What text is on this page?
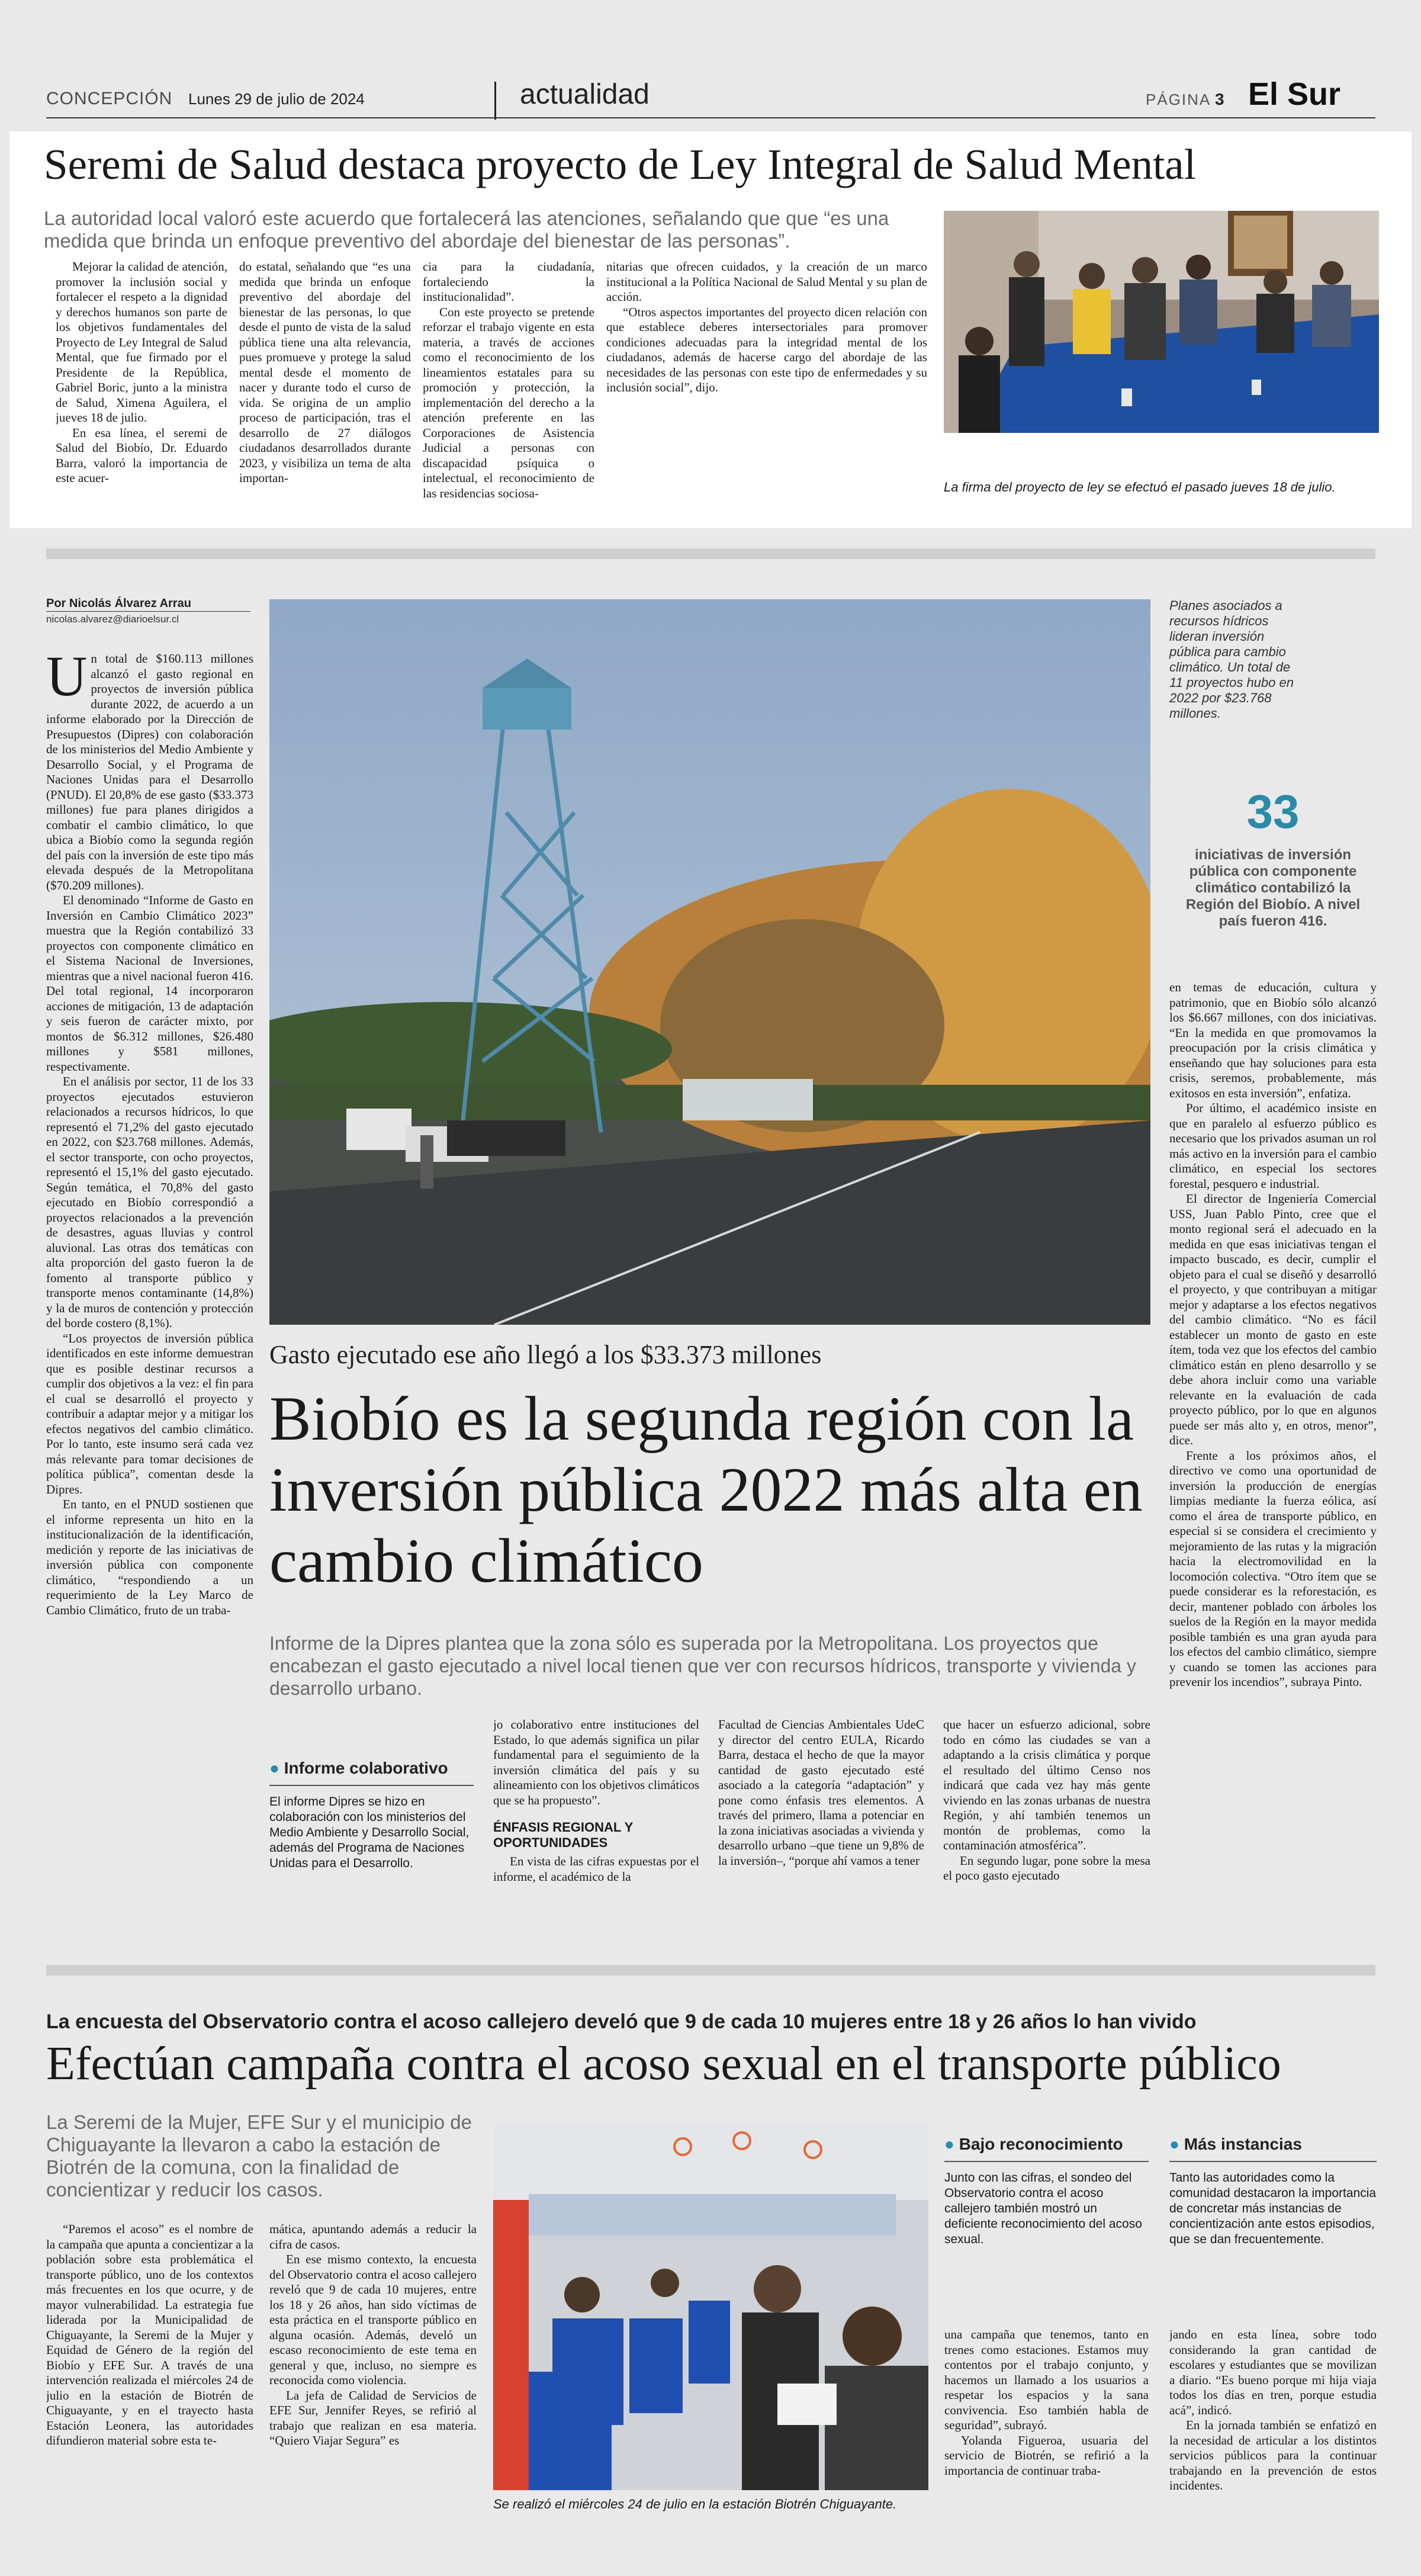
CONCEPCIÓN Lunes 29 de julio de 2024	actualidad	PÁGINA 3 El Sur
Seremi de Salud destaca proyecto de Ley Integral de Salud Mental
La autoridad local valoró este acuerdo que fortalecerá las atenciones, señalando que que “es una medida que brinda un enfoque preventivo del abordaje del bienestar de las personas”.

Mejorar la calidad de atención, promover la inclusión social y fortalecer el respeto a la dignidad y derechos humanos son parte de los objetivos fundamentales del Proyecto de Ley Integral de Salud Mental, que fue firmado por el Presidente de la República, Gabriel Boric, junto a la ministra de Salud, Ximena Aguilera, el jueves 18 de julio.

En esa línea, el seremi de Salud del Biobío, Dr. Eduardo Barra, valoró la importancia de este acuer-

do estatal, señalando que “es una medida que brinda un enfoque preventivo del abordaje del bienestar de las personas, lo que desde el punto de vista de la salud pública tiene una alta relevancia, pues promueve y protege la salud mental desde el momento de nacer y durante todo el curso de vida. Se origina de un amplio proceso de participación, tras el desarrollo de 27 diálogos ciudadanos desarrollados durante 2023, y visibiliza un tema de alta importan-

cia para la ciudadanía, fortaleciendo la institucionalidad”.

Con este proyecto se pretende reforzar el trabajo vigente en esta materia, a través de acciones como el reconocimiento de los lineamientos estatales para su promoción y protección, la implementación del derecho a la atención preferente en las Corporaciones de Asistencia Judicial a personas con discapacidad psíquica o intelectual, el reconocimiento de las residencias sociosa-

nitarias que ofrecen cuidados, y la creación de un marco institucional a la Política Nacional de Salud Mental y su plan de acción.

“Otros aspectos importantes del proyecto dicen relación con que establece deberes intersectoriales para promover condiciones adecuadas para la integridad mental de los ciudadanos, además de hacerse cargo del abordaje de las necesidades de las personas con este tipo de enfermedades y su inclusión social”, dijo.

La firma del proyecto de ley se efectuó el pasado jueves 18 de julio.
Por Nicolás Álvarez Arrau
nicolas.alvarez@diarioelsur.cl

Un total de $160.113 millones alcanzó el gasto regional en proyectos de inversión pública durante 2022, de acuerdo a un informe elaborado por la Dirección de Presupuestos (Dipres) con colaboración de los ministerios del Medio Ambiente y Desarrollo Social, y el Programa de Naciones Unidas para el Desarrollo (PNUD). El 20,8% de ese gasto ($33.373 millones) fue para planes dirigidos a combatir el cambio climático, lo que ubica a Biobío como la segunda región del país con la inversión de este tipo más elevada después de la Metropolitana ($70.209 millones).

El denominado “Informe de Gasto en Inversión en Cambio Climático 2023” muestra que la Región contabilizó 33 proyectos con componente climático en el Sistema Nacional de Inversiones, mientras que a nivel nacional fueron 416. Del total regional, 14 incorporaron acciones de mitigación, 13 de adaptación y seis fueron de carácter mixto, por montos de $6.312 millones, $26.480 millones y $581 millones, respectivamente.

En el análisis por sector, 11 de los 33 proyectos ejecutados estuvieron relacionados a recursos hídricos, lo que representó el 71,2% del gasto ejecutado en 2022, con $23.768 millones. Además, el sector transporte, con ocho proyectos, representó el 15,1% del gasto ejecutado. Según temática, el 70,8% del gasto ejecutado en Biobío correspondió a proyectos relacionados a la prevención de desastres, aguas lluvias y control aluvional. Las otras dos temáticas con alta proporción del gasto fueron la de fomento al transporte público y transporte menos contaminante (14,8%) y la de muros de contención y protección del borde costero (8,1%).

“Los proyectos de inversión pública identificados en este informe demuestran que es posible destinar recursos a cumplir dos objetivos a la vez: el fin para el cual se desarrolló el proyecto y contribuir a adaptar mejor y a mitigar los efectos negativos del cambio climático. Por lo tanto, este insumo será cada vez más relevante para tomar decisiones de política pública”, comentan desde la Dipres.

En tanto, en el PNUD sostienen que el informe representa un hito en la institucionalización de la identificación, medición y reporte de las iniciativas de inversión pública con componente climático, “respondiendo a un requerimiento de la Ley Marco de Cambio Climático, fruto de un traba-

Gasto ejecutado ese año llegó a los $33.373 millones
Biobío es la segunda región con la inversión pública 2022 más alta en cambio climático
Informe de la Dipres plantea que la zona sólo es superada por la Metropolitana. Los proyectos que encabezan el gasto ejecutado a nivel local tienen que ver con recursos hídricos, transporte y vivienda y desarrollo urbano.
● Informe colaborativo
El informe Dipres se hizo en colaboración con los ministerios del Medio Ambiente y Desarrollo Social, además del Programa de Naciones Unidas para el Desarrollo.

jo colaborativo entre instituciones del Estado, lo que además significa un pilar fundamental para el seguimiento de la inversión climática del país y su alineamiento con los objetivos climáticos que se ha propuesto”.

ÉNFASIS REGIONAL Y OPORTUNIDADES

En vista de las cifras expuestas por el informe, el académico de la

Facultad de Ciencias Ambientales UdeC y director del centro EULA, Ricardo Barra, destaca el hecho de que la mayor cantidad de gasto ejecutado esté asociado a la categoría “adaptación” y pone como énfasis tres elementos. A través del primero, llama a potenciar en la zona iniciativas asociadas a vivienda y desarrollo urbano –que tiene un 9,8% de la inversión–, “porque ahí vamos a tener

que hacer un esfuerzo adicional, sobre todo en cómo las ciudades se van a adaptando a la crisis climática y porque el resultado del último Censo nos indicará que cada vez hay más gente viviendo en las zonas urbanas de nuestra Región, y ahí también tenemos un montón de problemas, como la contaminación atmosférica”.

En segundo lugar, pone sobre la mesa el poco gasto ejecutado

Planes asociados a recursos hídricos lideran inversión pública para cambio climático. Un total de 11 proyectos hubo en 2022 por $23.768 millones.
33
iniciativas de inversión pública con componente climático contabilizó la Región del Biobío. A nivel país fueron 416.

en temas de educación, cultura y patrimonio, que en Biobío sólo alcanzó los $6.667 millones, con dos iniciativas. “En la medida en que promovamos la preocupación por la crisis climática y enseñando que hay soluciones para esta crisis, seremos, probablemente, más exitosos en esta inversión”, enfatiza.

Por último, el académico insiste en que en paralelo al esfuerzo público es necesario que los privados asuman un rol más activo en la inversión para el cambio climático, en especial los sectores forestal, pesquero e industrial.

El director de Ingeniería Comercial USS, Juan Pablo Pinto, cree que el monto regional será el adecuado en la medida en que esas iniciativas tengan el impacto buscado, es decir, cumplir el objeto para el cual se diseñó y desarrolló el proyecto, y que contribuyan a mitigar mejor y adaptarse a los efectos negativos del cambio climático. “No es fácil establecer un monto de gasto en este ítem, toda vez que los efectos del cambio climático están en pleno desarrollo y se debe ahora incluir como una variable relevante en la evaluación de cada proyecto público, por lo que en algunos puede ser más alto y, en otros, menor”, dice.

Frente a los próximos años, el directivo ve como una oportunidad de inversión la producción de energías limpias mediante la fuerza eólica, así como el área de transporte público, en especial si se considera el crecimiento y mejoramiento de las rutas y la migración hacia la electromovilidad en la locomoción colectiva. “Otro ítem que se puede considerar es la reforestación, es decir, mantener poblado con árboles los suelos de la Región en la mayor medida posible también es una gran ayuda para los efectos del cambio climático, siempre y cuando se tomen las acciones para prevenir los incendios”, subraya Pinto.

La encuesta del Observatorio contra el acoso callejero develó que 9 de cada 10 mujeres entre 18 y 26 años lo han vivido
Efectúan campaña contra el acoso sexual en el transporte público
La Seremi de la Mujer, EFE Sur y el municipio de Chiguayante la llevaron a cabo la estación de Biotrén de la comuna, con la finalidad de concientizar y reducir los casos.

“Paremos el acoso” es el nombre de la campaña que apunta a concientizar a la población sobre esta problemática el transporte público, uno de los contextos más frecuentes en los que ocurre, y de mayor vulnerabilidad. La estrategia fue liderada por la Municipalidad de Chiguayante, la Seremi de la Mujer y Equidad de Género de la región del Biobío y EFE Sur. A través de una intervención realizada el miércoles 24 de julio en la estación de Biotrén de Chiguayante, y en el trayecto hasta Estación Leonera, las autoridades difundieron material sobre esta te-

mática, apuntando además a reducir la cifra de casos.

En ese mismo contexto, la encuesta del Observatorio contra el acoso callejero reveló que 9 de cada 10 mujeres, entre los 18 y 26 años, han sido víctimas de esta práctica en el transporte público en alguna ocasión. Además, develó un escaso reconocimiento de este tema en general y que, incluso, no siempre es reconocida como violencia.

La jefa de Calidad de Servicios de EFE Sur, Jennifer Reyes, se refirió al trabajo que realizan en esa materia. “Quiero Viajar Segura” es

Se realizó el miércoles 24 de julio en la estación Biotrén Chiguayante.
● Bajo reconocimiento
Junto con las cifras, el sondeo del Observatorio contra el acoso callejero también mostró un deficiente reconocimiento del acoso sexual.
● Más instancias
Tanto las autoridades como la comunidad destacaron la importancia de concretar más instancias de concientización ante estos episodios, que se dan frecuentemente.

una campaña que tenemos, tanto en trenes como estaciones. Estamos muy contentos por el trabajo conjunto, y hacemos un llamado a los usuarios a respetar los espacios y la sana convivencia. Eso también habla de seguridad”, subrayó.

Yolanda Figueroa, usuaria del servicio de Biotrén, se refirió a la importancia de continuar traba-

jando en esta línea, sobre todo considerando la gran cantidad de escolares y estudiantes que se movilizan a diario. “Es bueno porque mi hija viaja todos los días en tren, porque estudia acá”, indicó.

En la jornada también se enfatizó en la necesidad de articular a los distintos servicios públicos para la continuar trabajando en la prevención de estos incidentes.
